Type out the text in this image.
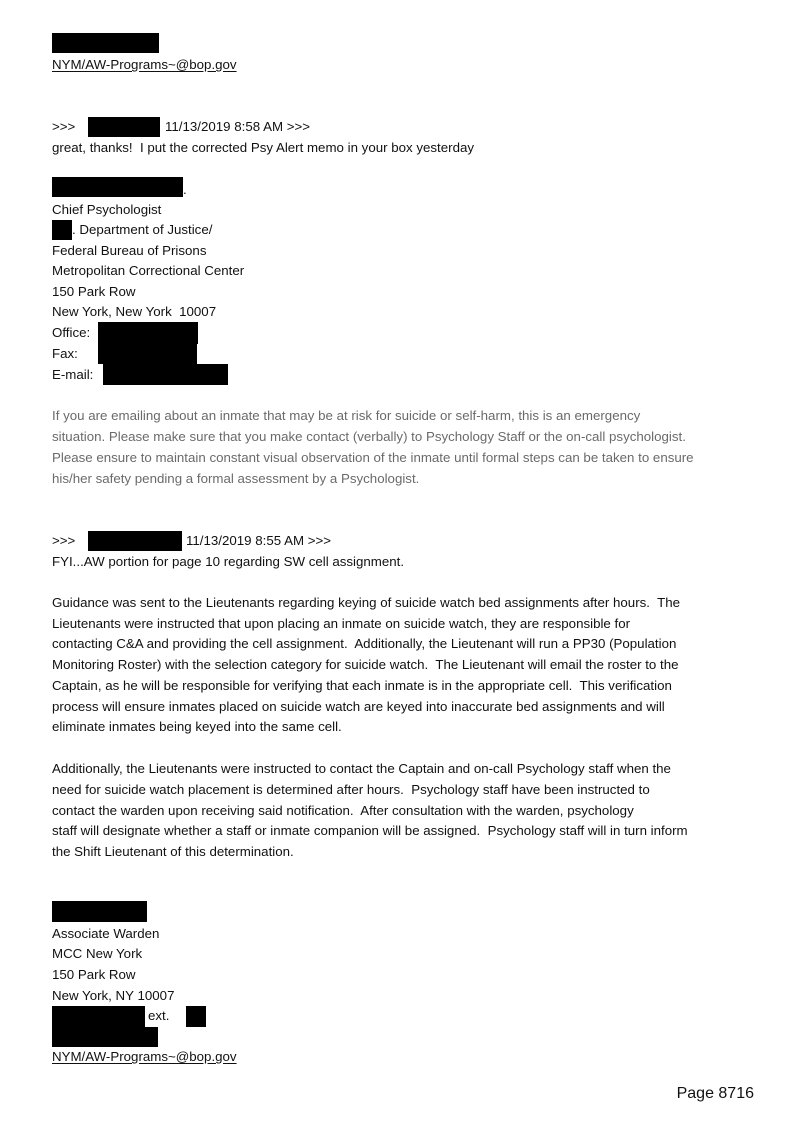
NYM/AW-Programs~@bop.gov
>>>	11/13/2019 8:58 AM >>>
great, thanks!  I put the corrected Psy Alert memo in your box yesterday
.
Chief Psychologist
. Department of Justice/
Federal Bureau of Prisons
Metropolitan Correctional Center
150 Park Row
New York, New York  10007
Office:
Fax:
E-mail:
If you are emailing about an inmate that may be at risk for suicide or self-harm, this is an emergency
situation. Please make sure that you make contact (verbally) to Psychology Staff or the on-call psychologist.
Please ensure to maintain constant visual observation of the inmate until formal steps can be taken to ensure
his/her safety pending a formal assessment by a Psychologist.
>>>	11/13/2019 8:55 AM >>>
FYI...AW portion for page 10 regarding SW cell assignment.
Guidance was sent to the Lieutenants regarding keying of suicide watch bed assignments after hours.  The
Lieutenants were instructed that upon placing an inmate on suicide watch, they are responsible for
contacting C&A and providing the cell assignment.  Additionally, the Lieutenant will run a PP30 (Population
Monitoring Roster) with the selection category for suicide watch.  The Lieutenant will email the roster to the
Captain, as he will be responsible for verifying that each inmate is in the appropriate cell.  This verification
process will ensure inmates placed on suicide watch are keyed into inaccurate bed assignments and will
eliminate inmates being keyed into the same cell.
Additionally, the Lieutenants were instructed to contact the Captain and on-call Psychology staff when the
need for suicide watch placement is determined after hours.  Psychology staff have been instructed to
contact the warden upon receiving said notification.  After consultation with the warden, psychology
staff will designate whether a staff or inmate companion will be assigned.  Psychology staff will in turn inform
the Shift Lieutenant of this determination.
Associate Warden
MCC New York
150 Park Row
New York, NY 10007
ext.
NYM/AW-Programs~@bop.gov
Page 8716
